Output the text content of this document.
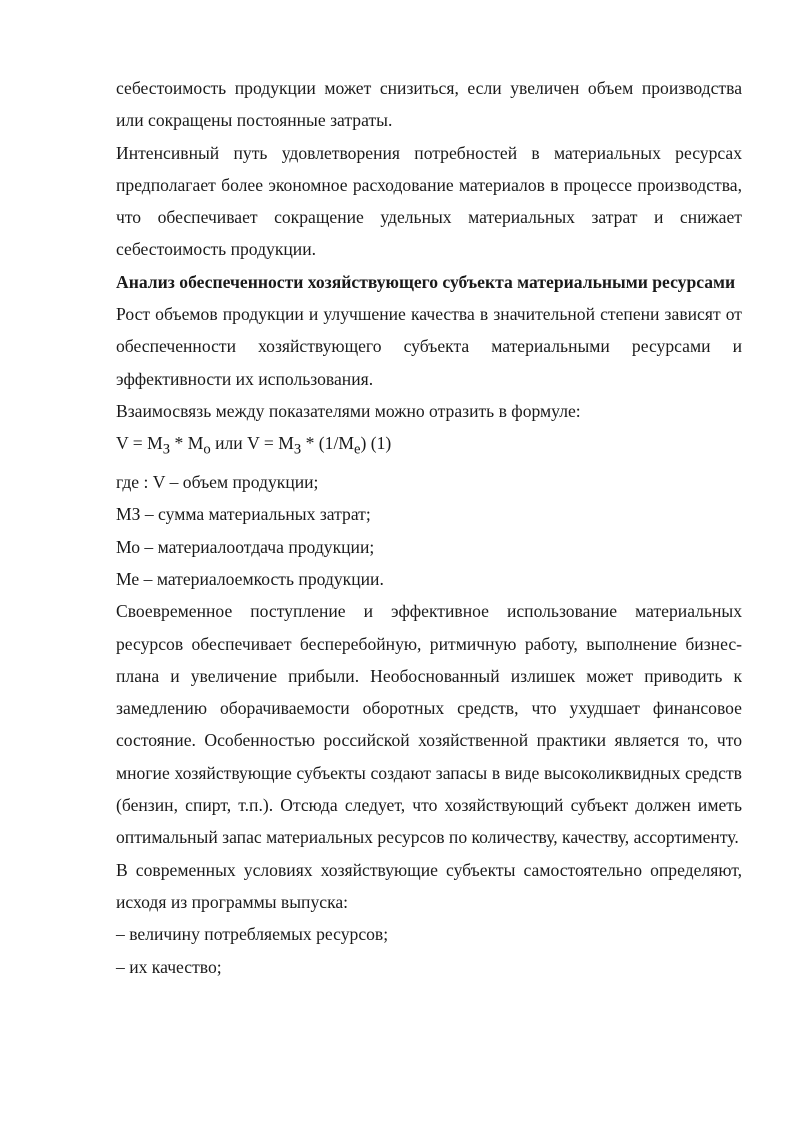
себестоимость продукции может снизиться, если увеличен объем производства или сокращены постоянные затраты.

Интенсивный путь удовлетворения потребностей в материальных ресурсах предполагает более экономное расходование материалов в процессе производства, что обеспечивает сокращение удельных материальных затрат и снижает себестоимость продукции.

Анализ обеспеченности хозяйствующего субъекта материальными ресурсами

Рост объемов продукции и улучшение качества в значительной степени зависят от обеспеченности хозяйствующего субъекта материальными ресурсами и эффективности их использования.

Взаимосвязь между показателями можно отразить в формуле:

$V = M_З * M_о$ или $V = M_З * (1/M_е)$ (1)

где : V – объем продукции;

МЗ – сумма материальных затрат;

Мо – материалоотдача продукции;

Ме – материалоемкость продукции.

Своевременное поступление и эффективное использование материальных ресурсов обеспечивает бесперебойную, ритмичную работу, выполнение бизнес-плана и увеличение прибыли. Необоснованный излишек может приводить к замедлению оборачиваемости оборотных средств, что ухудшает финансовое состояние. Особенностью российской хозяйственной практики является то, что многие хозяйствующие субъекты создают запасы в виде высоколиквидных средств (бензин, спирт, т.п.). Отсюда следует, что хозяйствующий субъект должен иметь оптимальный запас материальных ресурсов по количеству, качеству, ассортименту.

В современных условиях хозяйствующие субъекты самостоятельно определяют, исходя из программы выпуска:

– величину потребляемых ресурсов;

– их качество;
